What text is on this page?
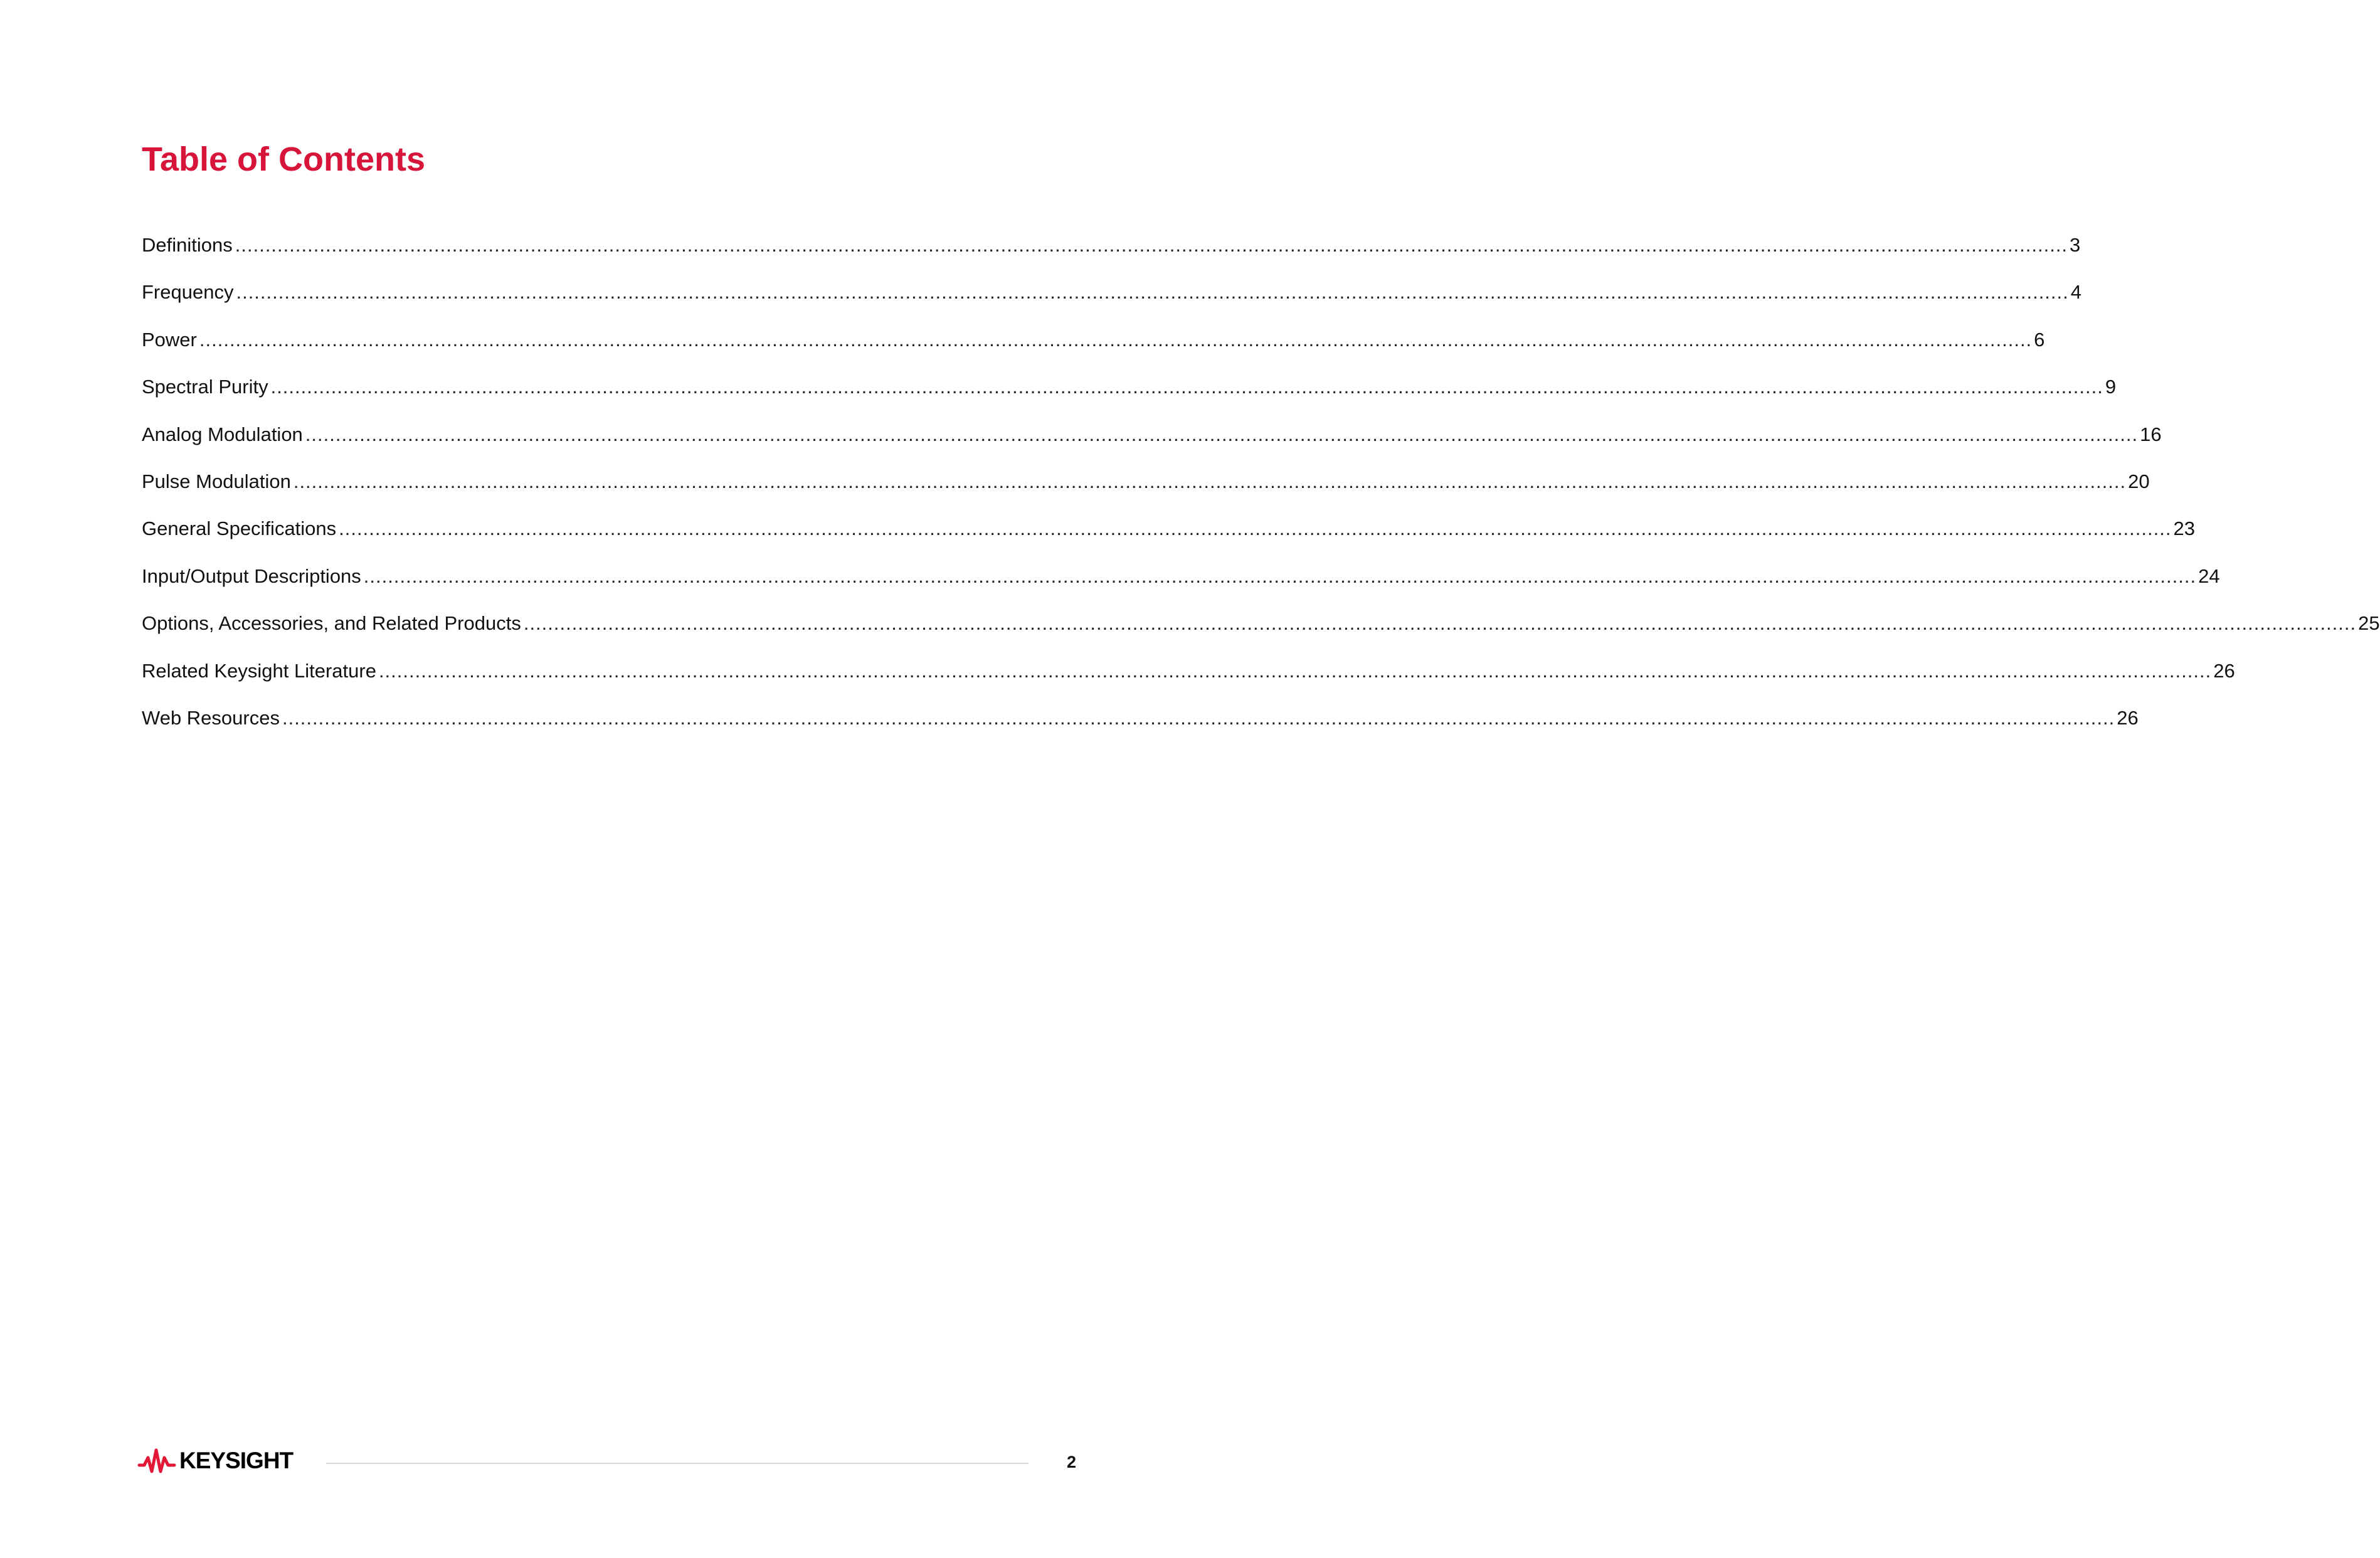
Table of Contents
Definitions ................................................................................................................................................................................................................................................................................................................ 3
Frequency ................................................................................................................................................................................................................................................................................................................ 4
Power ................................................................................................................................................................................................................................................................................................................ 6
Spectral Purity ................................................................................................................................................................................................................................................................................................................ 9
Analog Modulation ................................................................................................................................................................................................................................................................................................................ 16
Pulse Modulation ................................................................................................................................................................................................................................................................................................................ 20
General Specifications ................................................................................................................................................................................................................................................................................................................ 23
Input/Output Descriptions ................................................................................................................................................................................................................................................................................................................ 24
Options, Accessories, and Related Products ................................................................................................................................................................................................................................................................................................................ 25
Related Keysight Literature ................................................................................................................................................................................................................................................................................................................ 26
Web Resources ................................................................................................................................................................................................................................................................................................................ 26
KEYSIGHT	2
